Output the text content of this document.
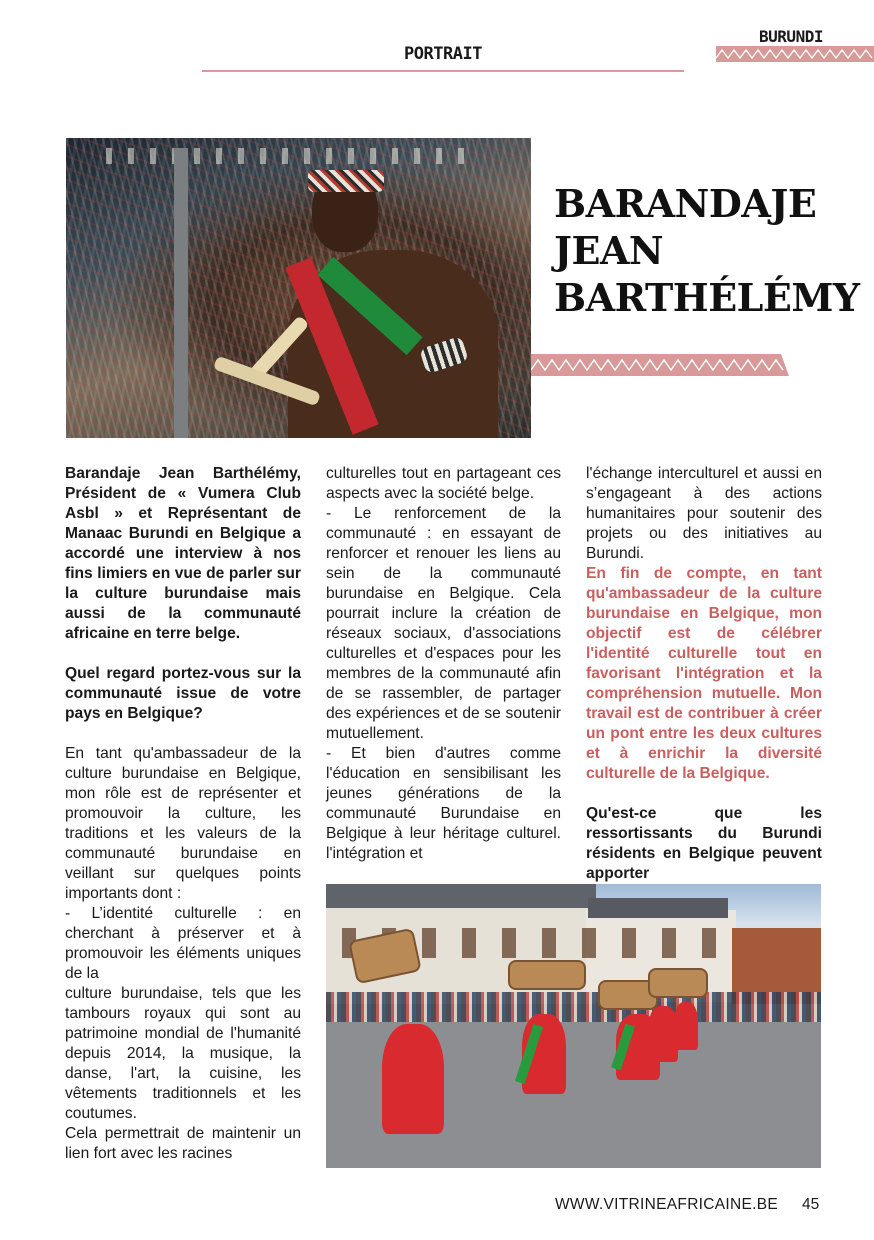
PORTRAIT
BURUNDI
BARANDAJE
JEAN
BARTHÉLÉMY

Barandaje Jean Barthélémy, Président de « Vumera Club Asbl » et Représentant de Manaac Burundi en Belgique a accordé une interview à nos fins limiers en vue de parler sur la culture burundaise mais aussi de la communauté africaine en terre belge.

Quel regard portez-vous sur la communauté issue de votre pays en Belgique?

En tant qu'ambassadeur de la culture burundaise en Belgique, mon rôle est de représenter et promouvoir la culture, les traditions et les valeurs de la communauté burundaise en veillant sur quelques points importants dont :

- L’identité culturelle : en cherchant à préserver et à promouvoir les éléments uniques de la

culture burundaise, tels que les tambours royaux qui sont au patrimoine mondial de l'humanité depuis 2014, la musique, la danse, l'art, la cuisine, les vêtements traditionnels et les coutumes.

Cela permettrait de maintenir un lien fort avec les racines

culturelles tout en partageant ces aspects avec la société belge.

- Le renforcement de la communauté : en essayant de renforcer et renouer les liens au sein de la communauté burundaise en Belgique. Cela pourrait inclure la création de réseaux sociaux, d'associations culturelles et d'espaces pour les membres de la communauté afin de se rassembler, de partager des expériences et de se soutenir mutuellement.

- Et bien d'autres comme l'éducation en sensibilisant les jeunes générations de la communauté Burundaise en Belgique à leur héritage culturel. l'intégration et

l'échange interculturel et aussi en s’engageant à des actions humanitaires pour soutenir des projets ou des initiatives au Burundi.

En fin de compte, en tant qu'ambassadeur de la culture burundaise en Belgique, mon objectif est de célébrer l'identité culturelle tout en favorisant l'intégration et la compréhension mutuelle. Mon travail est de contribuer à créer un pont entre les deux cultures et à enrichir la diversité culturelle de la Belgique.

Qu'est-ce que les ressortissants du Burundi résidents en Belgique peuvent apporter

WWW.VITRINEAFRICAINE.BE 45
